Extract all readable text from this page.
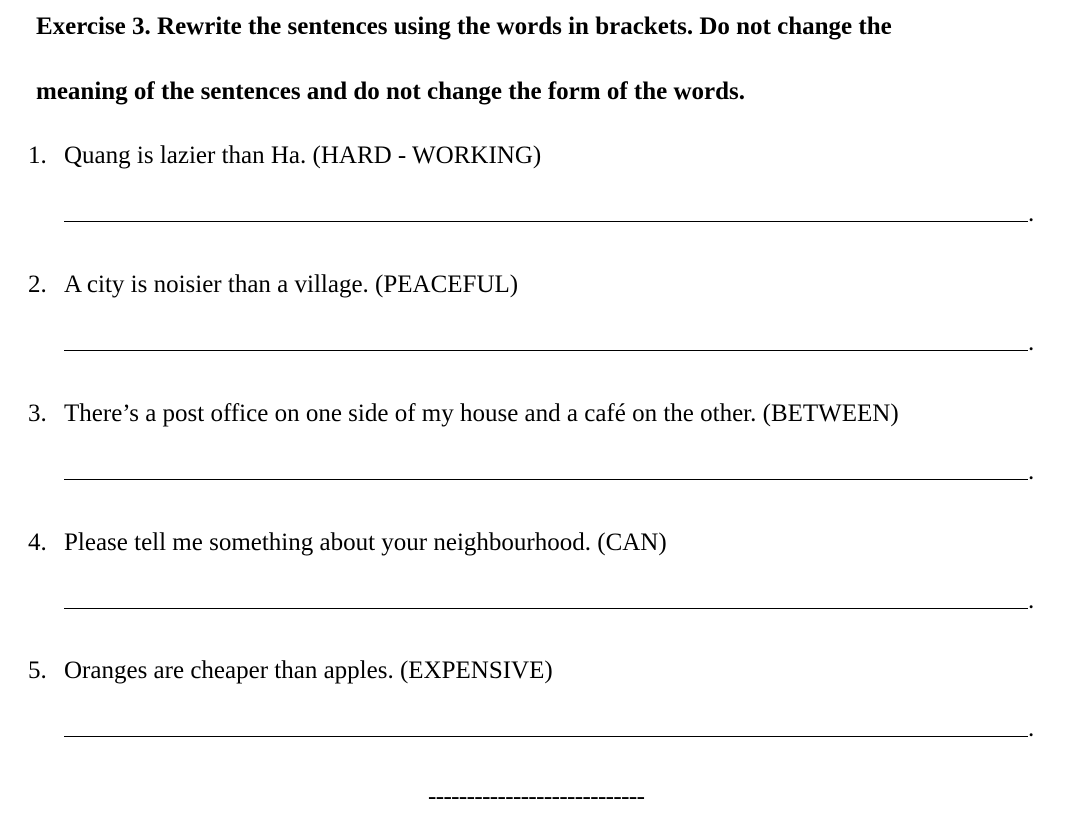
Exercise 3. Rewrite the sentences using the words in brackets. Do not change the
meaning of the sentences and do not change the form of the words.
1. Quang is lazier than Ha. (HARD - WORKING)
.
2. A city is noisier than a village. (PEACEFUL)
.
3. There’s a post office on one side of my house and a café on the other. (BETWEEN)
.
4. Please tell me something about your neighbourhood. (CAN)
.
5. Oranges are cheaper than apples. (EXPENSIVE)
.
----------------------------
